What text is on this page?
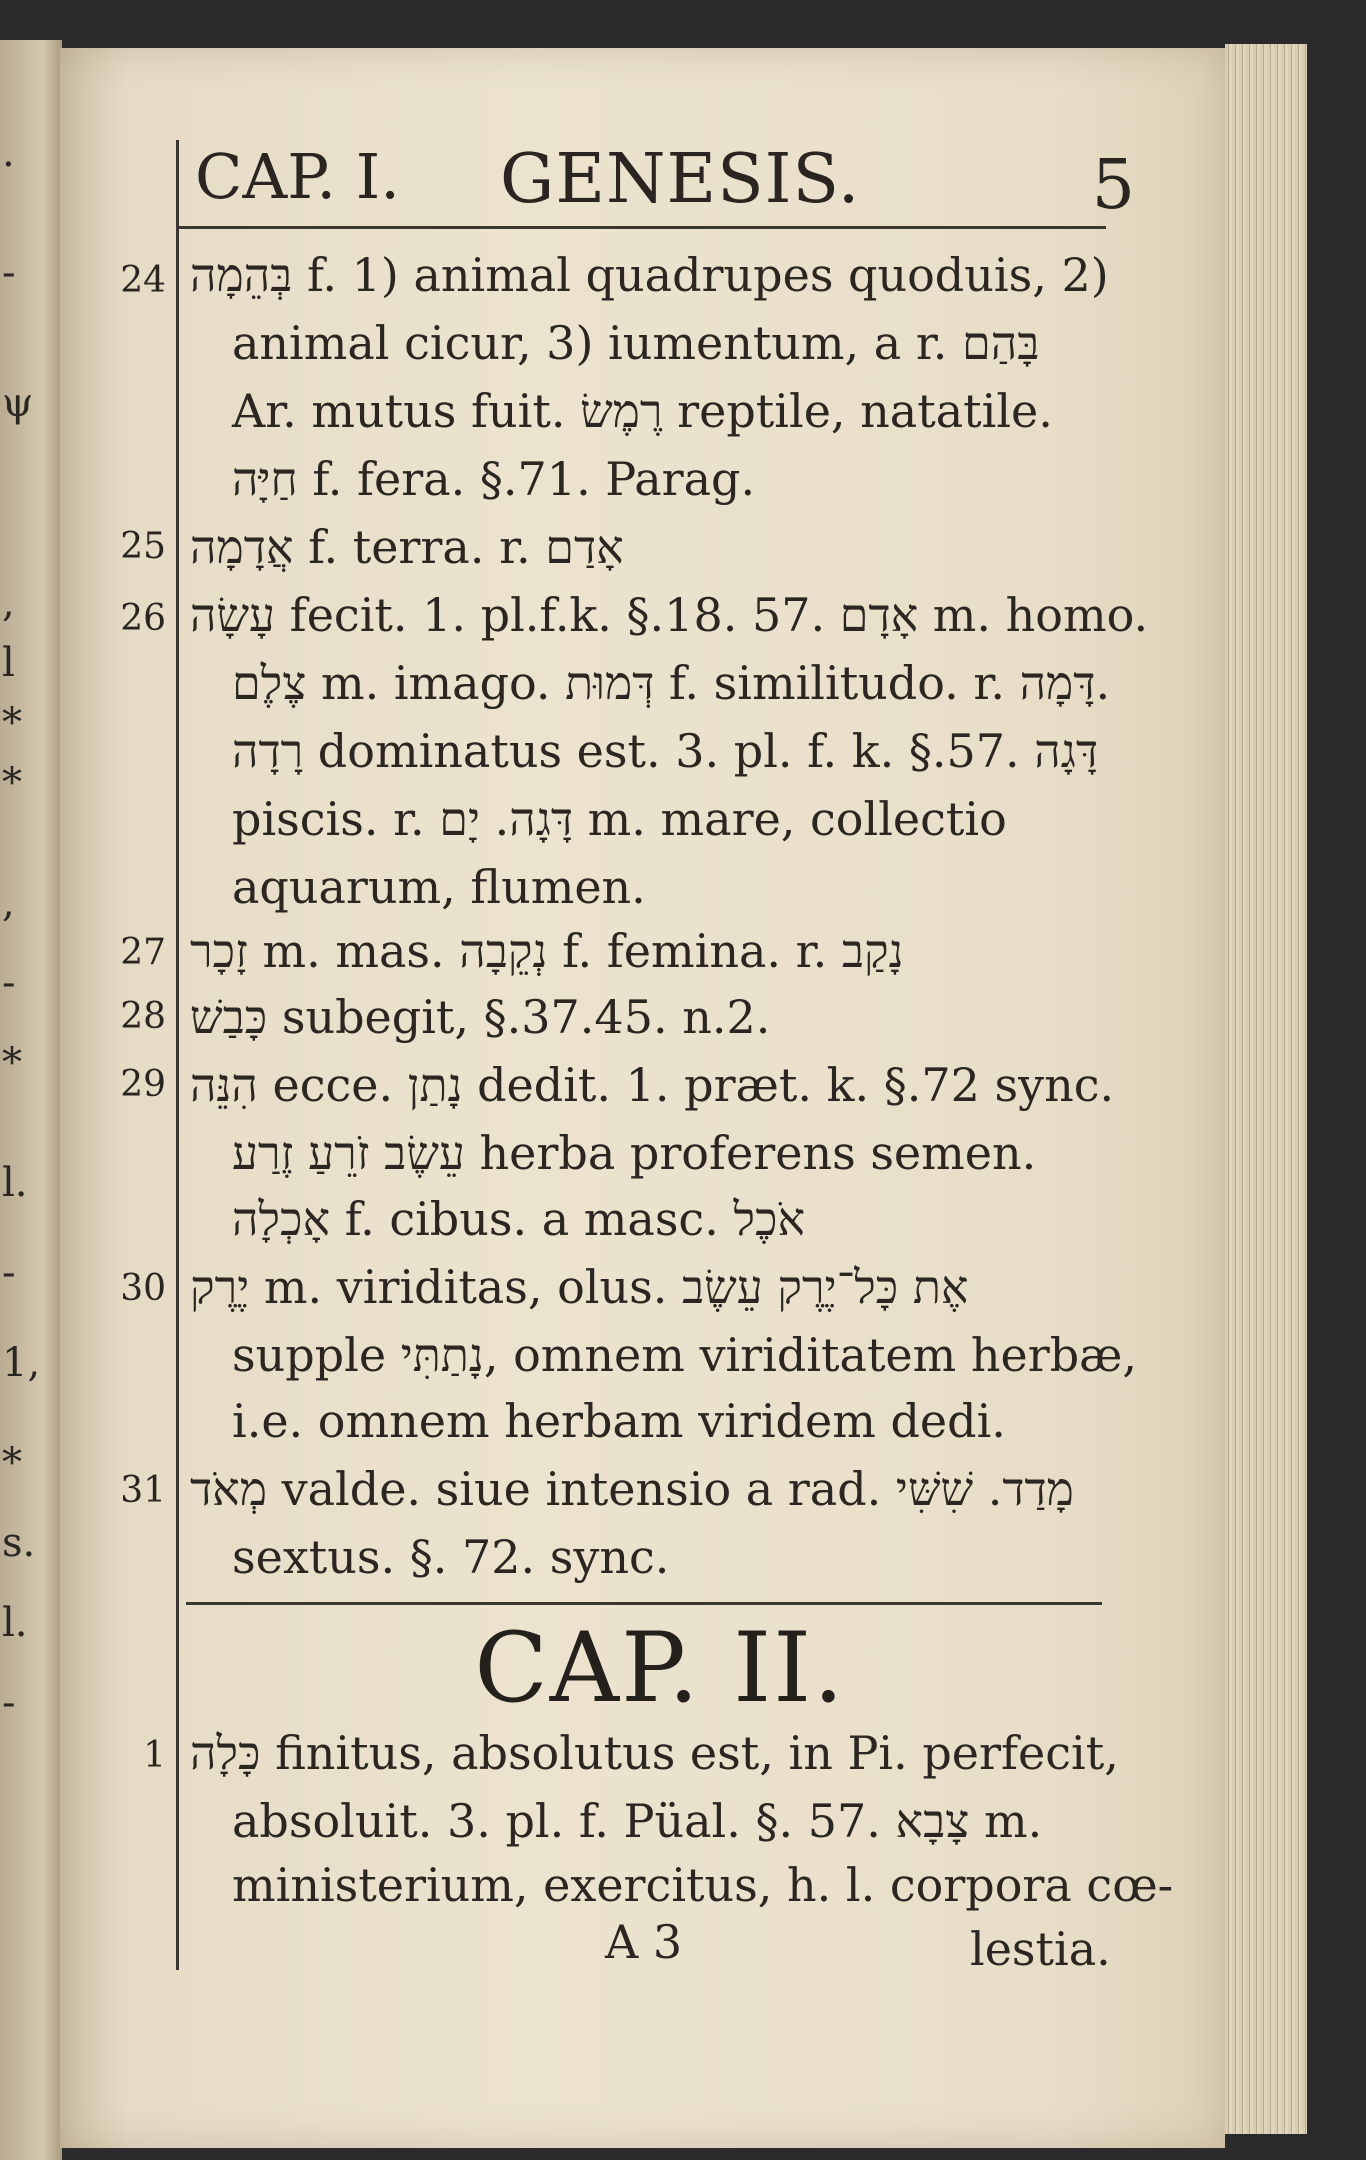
CAP. I. GENESIS.	5
24
25
26
27
28
29
30
31
1
בְּהֵמָה f. 1) animal quadrupes quoduis, 2)
animal cicur, 3) iumentum, a r. בָּהַם
Ar. mutus fuit. רֶמֶשׂ reptile, natatile.
חַיָּה f. fera. §.71. Parag.
אֲדָמָה f. terra. r. אָדַם
עָשָׂה fecit. 1. pl.f.k. §.18. 57. אָדָם m. homo.
צֶלֶם m. imago. דְּמוּת f. similitudo. r. דָּמָה.
רָדָה dominatus est. 3. pl. f. k. §.57. דָּגָה
piscis. r. דָּגָה. יָם m. mare, collectio
aquarum, flumen.
זָכָר m. mas. נְקֵבָה f. femina. r. נָקַב
כָּבַשׁ subegit, §.37.45. n.2.
הִנֵּה ecce. נָתַן dedit. 1. præt. k. §.72 sync.
עֵשֶׂב זֹרֵעַ זֶרַע herba proferens semen.
אָכְלָה f. cibus. a masc. אֹכֶל
יֶרֶק m. viriditas, olus. אֶת כָּל־יֶרֶק עֵשֶׂב
supple נָתַתִּי, omnem viriditatem herbæ,
i.e. omnem herbam viridem dedi.
מְאֹד valde. siue intensio a rad. מָדַד. שִׁשִּׁי
sextus. §. 72. sync.
CAP. II.
כָּלָה finitus, absolutus est, in Pi. perfecit,
absoluit. 3. pl. f. Püal. §. 57. צָבָא m.
ministerium, exercitus, h. l. corpora cœ-
lestia.
A 3
.
-
ψ
,
l
*
*
,
-
*
l.
-
1,
*
s.
l.
-
